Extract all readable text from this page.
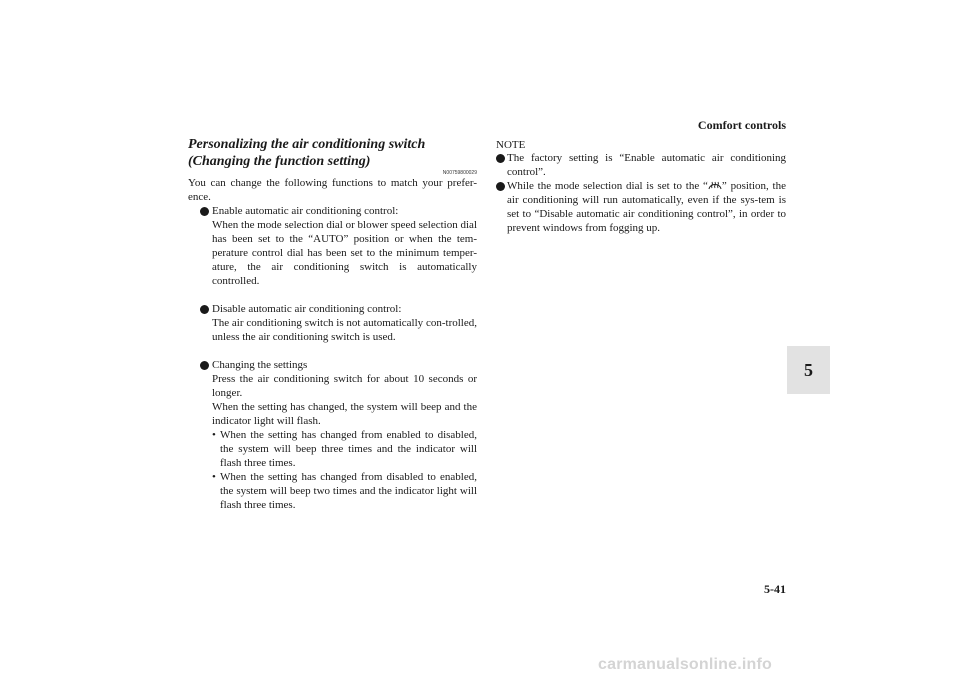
Comfort controls
Personalizing the air conditioning switch (Changing the function setting)
N00759800029

You can change the following functions to match your prefer-ence.

Enable automatic air conditioning control:

When the mode selection dial or blower speed selection dial has been set to the “AUTO” position or when the tem-perature control dial has been set to the minimum temper-ature, the air conditioning switch is automatically controlled.

Disable automatic air conditioning control:

The air conditioning switch is not automatically con-trolled, unless the air conditioning switch is used.

Changing the settings

Press the air conditioning switch for about 10 seconds or longer.

When the setting has changed, the system will beep and the indicator light will flash.

• When the setting has changed from enabled to disabled, the system will beep three times and the indicator will flash three times.
• When the setting has changed from disabled to enabled, the system will beep two times and the indicator light will flash three times.
NOTE
The factory setting is “Enable automatic air conditioning control”.
While the mode selection dial is set to the “ ” position, the air conditioning will run automatically, even if the sys-tem is set to “Disable automatic air conditioning control”, in order to prevent windows from fogging up.
5
5-41
carmanualsonline.info
